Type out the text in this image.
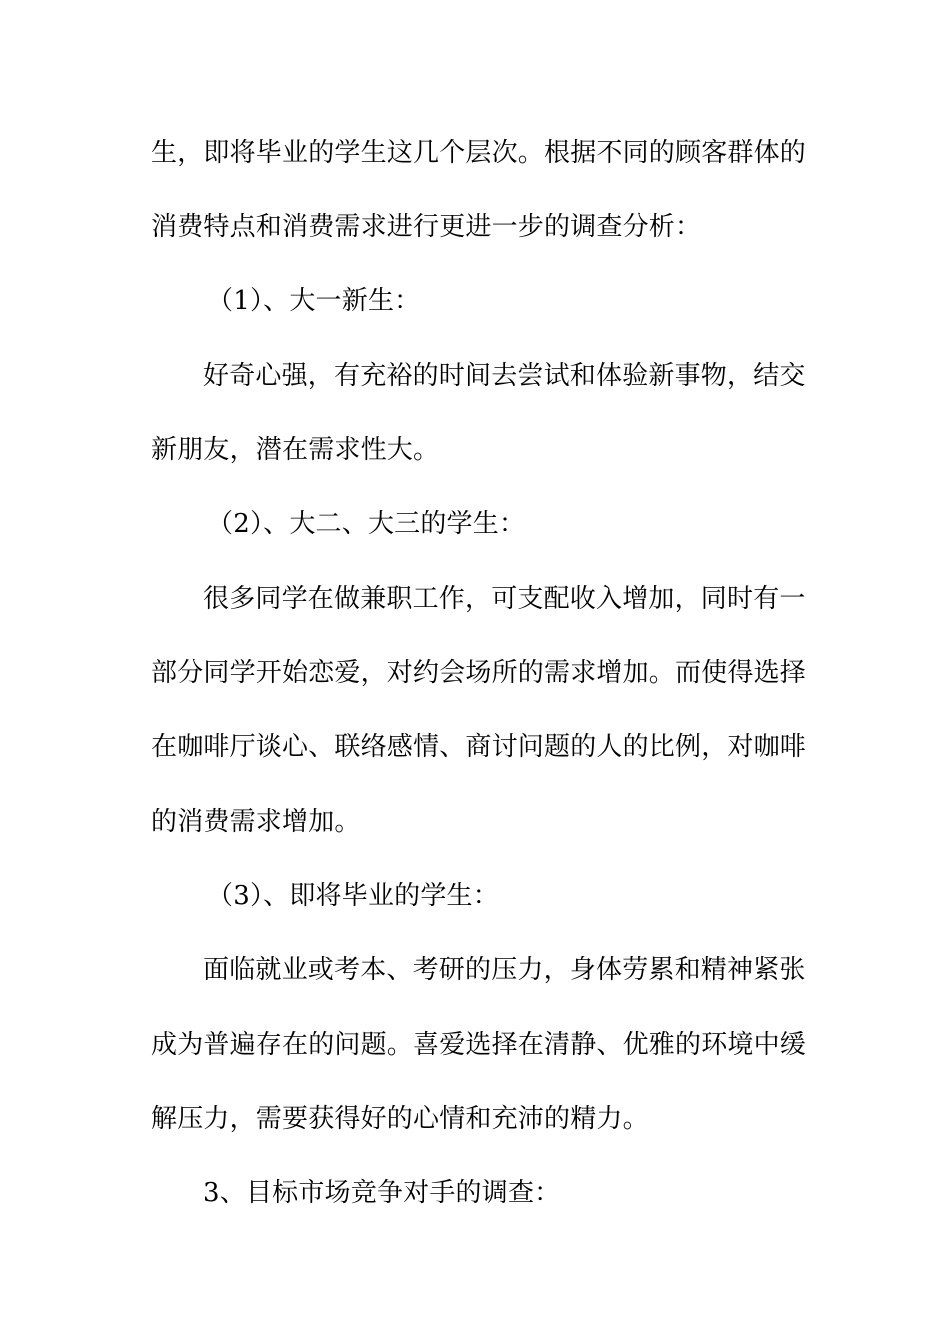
生，即将毕业的学生这几个层次。根据不同的顾客群体的
消费特点和消费需求进行更进一步的调查分析：
（1）、大一新生：
好奇心强，有充裕的时间去尝试和体验新事物，结交
新朋友，潜在需求性大。
（2）、大二、大三的学生：
很多同学在做兼职工作，可支配收入增加，同时有一
部分同学开始恋爱，对约会场所的需求增加。而使得选择
在咖啡厅谈心、联络感情、商讨问题的人的比例，对咖啡
的消费需求增加。
（3）、即将毕业的学生：
面临就业或考本、考研的压力，身体劳累和精神紧张
成为普遍存在的问题。喜爱选择在清静、优雅的环境中缓
解压力，需要获得好的心情和充沛的精力。
3、目标市场竞争对手的调查：
